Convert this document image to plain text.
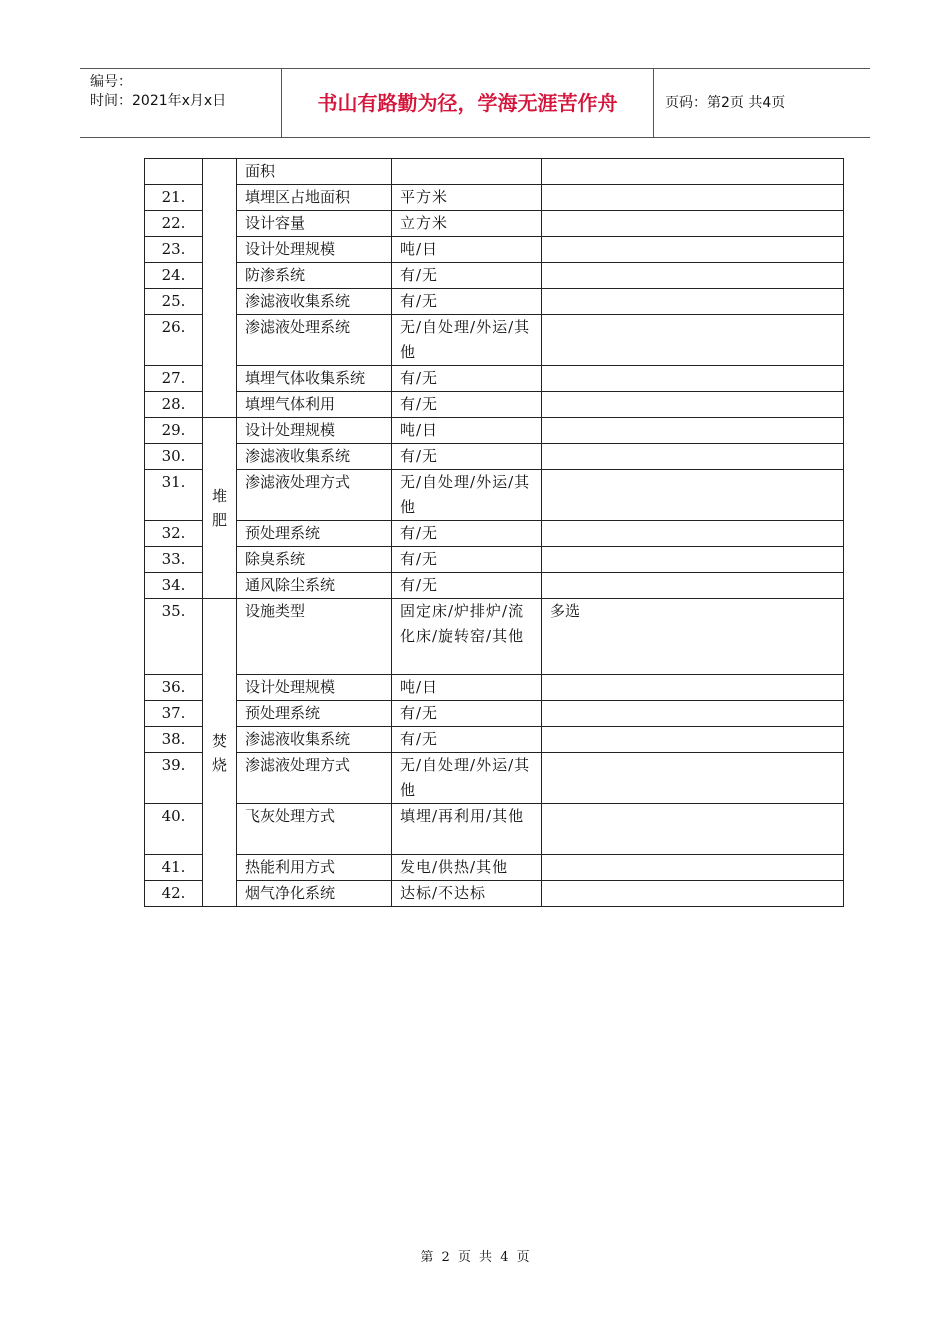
编号：
时间：2021年x月x日	书山有路勤为径，学海无涯苦作舟	页码：第2页 共4页
		面积		
21.		填埋区占地面积	平方米	
22.		设计容量	立方米	
23.		设计处理规模	吨/日	
24.		防渗系统	有/无	
25.		渗滤液收集系统	有/无	
26.		渗滤液处理系统	无/自处理/外运/其他	
27.		填埋气体收集系统	有/无	
28.		填埋气体利用	有/无	
29.	堆肥	设计处理规模	吨/日	
30.		渗滤液收集系统	有/无	
31.		渗滤液处理方式	无/自处理/外运/其他	
32.		预处理系统	有/无	
33.		除臭系统	有/无	
34.		通风除尘系统	有/无	
35.	焚烧	设施类型	固定床/炉排炉/流化床/旋转窑/其他	多选
36.		设计处理规模	吨/日	
37.		预处理系统	有/无	
38.		渗滤液收集系统	有/无	
39.		渗滤液处理方式	无/自处理/外运/其他	
40.		飞灰处理方式	填埋/再利用/其他	
41.		热能利用方式	发电/供热/其他	
42.		烟气净化系统	达标/不达标	
第 2 页 共 4 页
